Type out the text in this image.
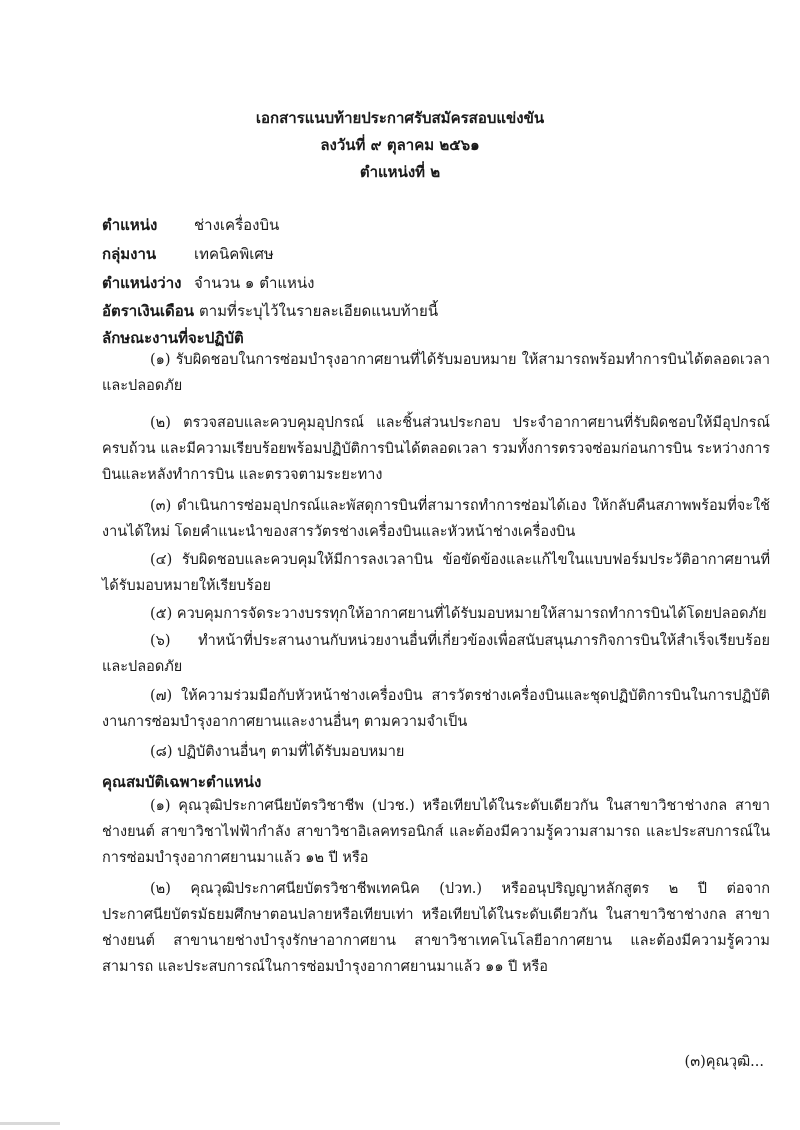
เอกสารแนบท้ายประกาศรับสมัครสอบแข่งขัน
ลงวันที่ ๙ ตุลาคม ๒๕๖๑
ตำแหน่งที่ ๒
ตำแหน่ง ช่างเครื่องบิน
กลุ่มงาน	เทคนิคพิเศษ
ตำแหน่งว่าง จำนวน ๑ ตำแหน่ง
อัตราเงินเดือน ตามที่ระบุไว้ในรายละเอียดแนบท้ายนี้
ลักษณะงานที่จะปฏิบัติ
(๑) รับผิดชอบในการซ่อมบำรุงอากาศยานที่ได้รับมอบหมาย ให้สามารถพร้อมทำการบินได้ตลอดเวลาและปลอดภัย
(๒) ตรวจสอบและควบคุมอุปกรณ์ และชิ้นส่วนประกอบ ประจำอากาศยานที่รับผิดชอบให้มีอุปกรณ์ครบถ้วน และมีความเรียบร้อยพร้อมปฏิบัติการบินได้ตลอดเวลา รวมทั้งการตรวจซ่อมก่อนการบิน ระหว่างการบินและหลังทำการบิน และตรวจตามระยะทาง
(๓) ดำเนินการซ่อมอุปกรณ์และพัสดุการบินที่สามารถทำการซ่อมได้เอง ให้กลับคืนสภาพพร้อมที่จะใช้งานได้ใหม่ โดยคำแนะนำของสารวัตรช่างเครื่องบินและหัวหน้าช่างเครื่องบิน
(๔) รับผิดชอบและควบคุมให้มีการลงเวลาบิน ข้อขัดข้องและแก้ไขในแบบฟอร์มประวัติอากาศยานที่ได้รับมอบหมายให้เรียบร้อย
(๕) ควบคุมการจัดระวางบรรทุกให้อากาศยานที่ได้รับมอบหมายให้สามารถทำการบินได้โดยปลอดภัย
(๖) ทำหน้าที่ประสานงานกับหน่วยงานอื่นที่เกี่ยวข้องเพื่อสนับสนุนภารกิจการบินให้สำเร็จเรียบร้อยและปลอดภัย
(๗) ให้ความร่วมมือกับหัวหน้าช่างเครื่องบิน สารวัตรช่างเครื่องบินและชุดปฏิบัติการบินในการปฏิบัติงานการซ่อมบำรุงอากาศยานและงานอื่นๆ ตามความจำเป็น
(๘) ปฏิบัติงานอื่นๆ ตามที่ได้รับมอบหมาย
คุณสมบัติเฉพาะตำแหน่ง
(๑) คุณวุฒิประกาศนียบัตรวิชาชีพ (ปวช.) หรือเทียบได้ในระดับเดียวกัน ในสาขาวิชาช่างกล สาขาช่างยนต์ สาขาวิชาไฟฟ้ากำลัง สาขาวิชาอิเลคทรอนิกส์ และต้องมีความรู้ความสามารถ และประสบการณ์ในการซ่อมบำรุงอากาศยานมาแล้ว ๑๒ ปี หรือ
(๒) คุณวุฒิประกาศนียบัตรวิชาชีพเทคนิค (ปวท.) หรืออนุปริญญาหลักสูตร ๒ ปี ต่อจากประกาศนียบัตรมัธยมศึกษาตอนปลายหรือเทียบเท่า หรือเทียบได้ในระดับเดียวกัน ในสาขาวิชาช่างกล สาขาช่างยนต์ สาขานายช่างบำรุงรักษาอากาศยาน สาขาวิชาเทคโนโลยีอากาศยาน และต้องมีความรู้ความสามารถ และประสบการณ์ในการซ่อมบำรุงอากาศยานมาแล้ว ๑๑ ปี หรือ
(๓)คุณวุฒิ...
